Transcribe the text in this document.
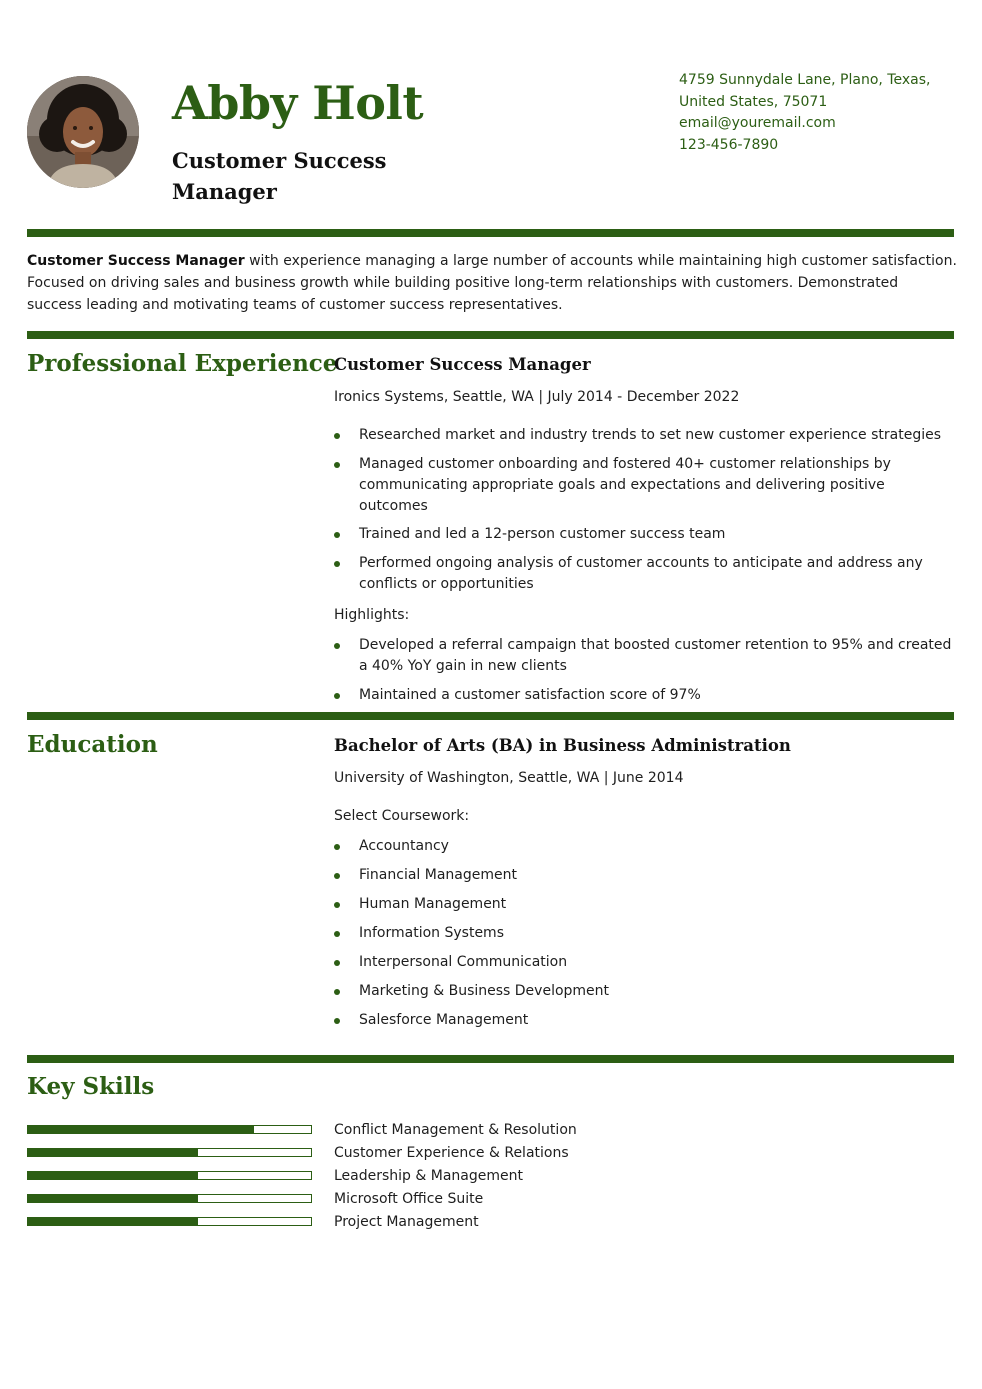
Abby Holt
Customer Success Manager
4759 Sunnydale Lane, Plano, Texas,
United States, 75071
email@youremail.com
123-456-7890

Customer Success Manager with experience managing a large number of accounts while maintaining high customer satisfaction. Focused on driving sales and business growth while building positive long-term relationships with customers. Demonstrated success leading and motivating teams of customer success representatives.

Professional Experience

Customer Success Manager

Ironics Systems, Seattle, WA | July 2014 - December 2022

Researched market and industry trends to set new customer experience strategies
Managed customer onboarding and fostered 40+ customer relationships by communicating appropriate goals and expectations and delivering positive outcomes
Trained and led a 12-person customer success team
Performed ongoing analysis of customer accounts to anticipate and address any conflicts or opportunities

Highlights:

Developed a referral campaign that boosted customer retention to 95% and created a 40% YoY gain in new clients
Maintained a customer satisfaction score of 97%
Education	Bachelor of Arts (BA) in Business Administration

University of Washington, Seattle, WA | June 2014

Select Coursework:

Accountancy
Financial Management
Human Management
Information Systems
Interpersonal Communication
Marketing & Business Development
Salesforce Management
Key Skills
Conflict Management & Resolution
Customer Experience & Relations
Leadership & Management
Microsoft Office Suite
Project Management
